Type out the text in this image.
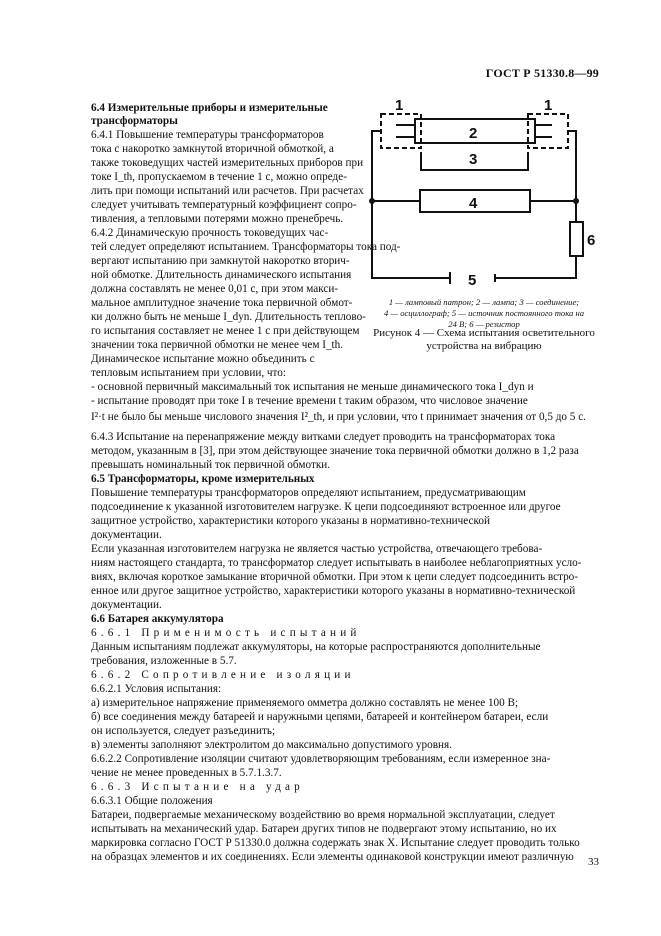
ГОСТ Р 51330.8—99
6.4 Измерительные приборы и измерительные
трансформаторы
6.4.1 Повышение температуры трансформаторов
тока с накоротко замкнутой вторичной обмоткой, а
также токоведущих частей измерительных приборов при
токе I_th, пропускаемом в течение 1 с, можно опреде-
лить при помощи испытаний или расчетов. При расчетах
следует учитывать температурный коэффициент сопро-
тивления, а тепловыми потерями можно пренебречь.
6.4.2 Динамическую прочность токоведущих час-
тей следует определяют испытанием. Трансформаторы тока под-
вергают испытанию при замкнутой накоротко вторич-
ной обмотке. Длительность динамического испытания
должна составлять не менее 0,01 с, при этом макси-
мальное амплитудное значение тока первичной обмот-
ки должно быть не меньше I_dyn. Длительность теплово-
го испытания составляет не менее 1 с при действующем
значении тока первичной обмотки не менее чем I_th.
Динамическое испытание можно объединить с
тепловым испытанием при условии, что:
- основной первичный максимальный ток испытания не меньше динамического тока I_dyn и
- испытание проводят при токе I в течение времени t таким образом, что числовое значение
I²·t не было бы меньше числового значения I²_th, и при условии, что t принимает значения от 0,5 до 5 с.
6.4.3 Испытание на перенапряжение между витками следует проводить на трансформаторах тока
методом, указанным в [3], при этом действующее значение тока первичной обмотки должно в 1,2 раза
превышать номинальный ток первичной обмотки.
6.5 Трансформаторы, кроме измерительных
Повышение температуры трансформаторов определяют испытанием, предусматривающим
подсоединение к указанной изготовителем нагрузке. К цепи подсоединяют встроенное или другое
защитное устройство, характеристики которого указаны в нормативно-технической
документации.
Если указанная изготовителем нагрузка не является частью устройства, отвечающего требова-
ниям настоящего стандарта, то трансформатор следует испытывать в наиболее неблагоприятных усло-
виях, включая короткое замыкание вторичной обмотки. При этом к цепи следует подсоединить встро-
енное или другое защитное устройство, характеристики которого указаны в нормативно-технической
документации.
6.6 Батарея аккумулятора
6.6.1 Применимость испытаний
Данным испытаниям подлежат аккумуляторы, на которые распространяются дополнительные
требования, изложенные в 5.7.
6.6.2 Сопротивление изоляции
6.6.2.1 Условия испытания:
а) измерительное напряжение применяемого омметра должно составлять не менее 100 В;
б) все соединения между батареей и наружными цепями, батареей и контейнером батареи, если
он используется, следует разъединить;
в) элементы заполняют электролитом до максимально допустимого уровня.
6.6.2.2 Сопротивление изоляции считают удовлетворяющим требованиям, если измеренное зна-
чение не менее проведенных в 5.7.1.3.7.
6.6.3 Испытание на удар
6.6.3.1 Общие положения
Батареи, подвергаемые механическому воздействию во время нормальной эксплуатации, следует
испытывать на механический удар. Батареи других типов не подвергают этому испытанию, но их
маркировка согласно ГОСТ Р 51330.0 должна содержать знак X. Испытание следует проводить только
на образцах элементов и их соединениях. Если элементы одинаковой конструкции имеют различную
1	1
2
3
4
5
6
1 — ламповый патрон; 2 — лампа; 3 — соединение;
4 — осциллограф; 5 — источник постоянного тока на
24 В; 6 — резистор
Рисунок 4 — Схема испытания осветительного
устройства на вибрацию
33
